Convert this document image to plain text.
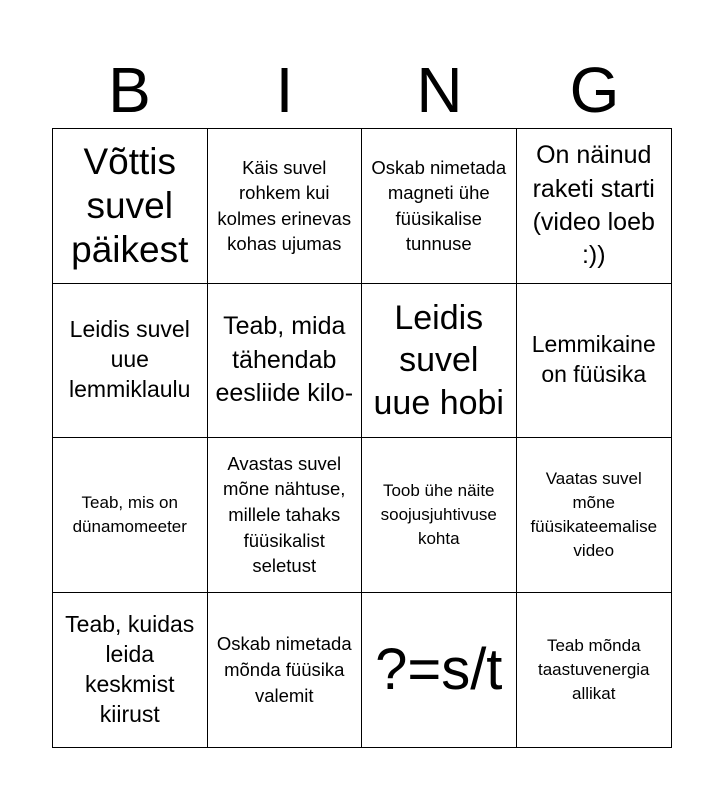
B	I	N	G
Võttis suvel päikest
Käis suvel rohkem kui kolmes erinevas kohas ujumas
Oskab nimetada magneti ühe füüsikalise tunnuse
On näinud raketi starti (video loeb :))
Leidis suvel uue lemmiklaulu
Teab, mida tähendab eesliide kilo-
Leidis suvel uue hobi
Lemmikaine on füüsika
Teab, mis on dünamomeeter
Avastas suvel mõne nähtuse, millele tahaks füüsikalist seletust
Toob ühe näite soojusjuhtivuse kohta
Vaatas suvel mõne füüsikateemalise video
Teab, kuidas leida keskmist kiirust
Oskab nimetada mõnda füüsika valemit	?=s/t	Teab mõnda taastuvenergia allikat
